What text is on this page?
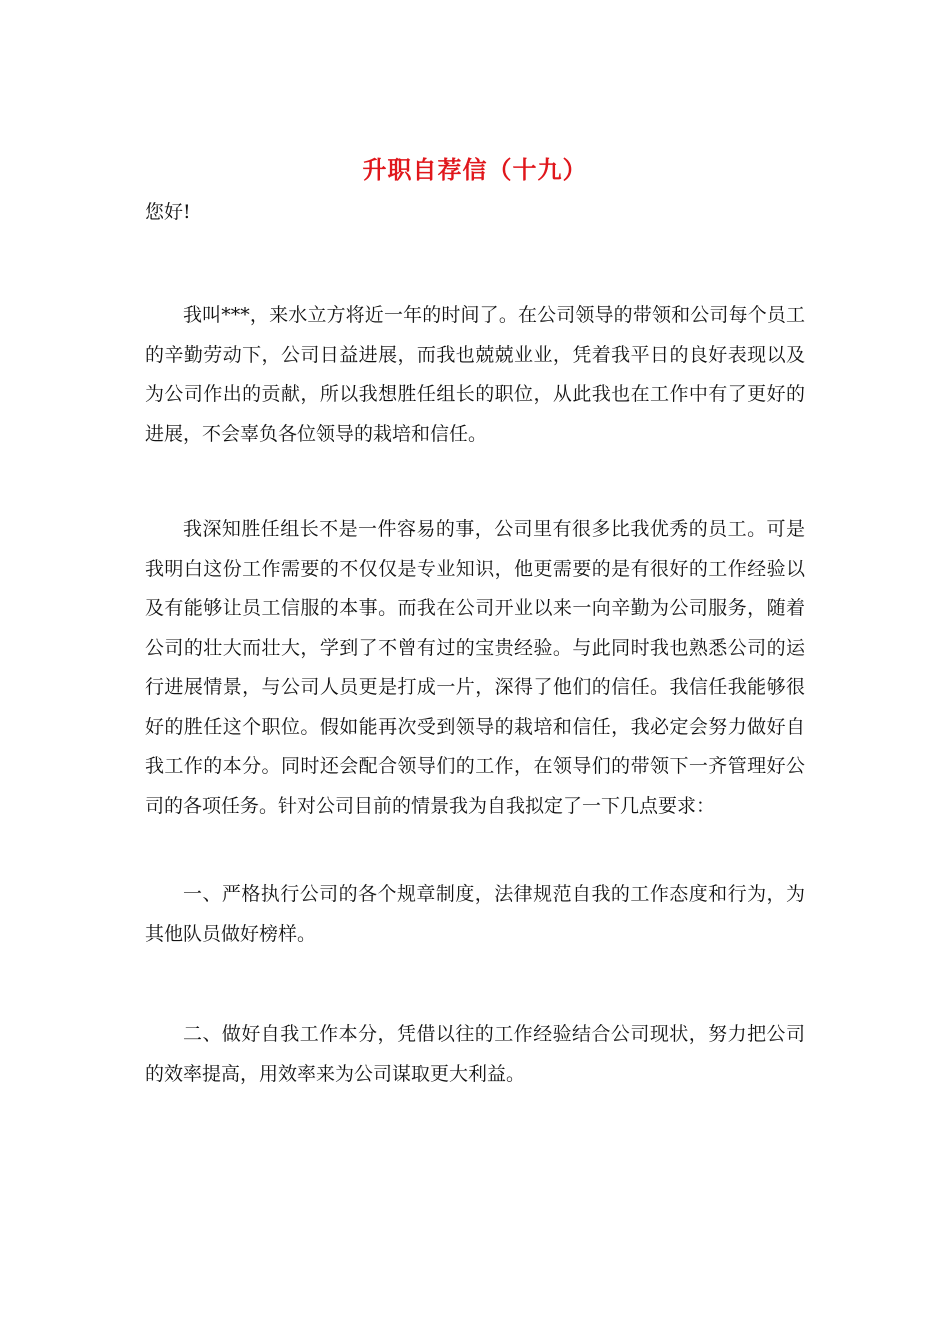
升职自荐信（十九）
您好!

我叫***，来水立方将近一年的时间了。在公司领导的带领和公司每个员工的辛勤劳动下，公司日益进展，而我也兢兢业业，凭着我平日的良好表现以及为公司作出的贡献，所以我想胜任组长的职位，从此我也在工作中有了更好的进展，不会辜负各位领导的栽培和信任。

我深知胜任组长不是一件容易的事，公司里有很多比我优秀的员工。可是我明白这份工作需要的不仅仅是专业知识，他更需要的是有很好的工作经验以及有能够让员工信服的本事。而我在公司开业以来一向辛勤为公司服务，随着公司的壮大而壮大，学到了不曾有过的宝贵经验。与此同时我也熟悉公司的运行进展情景，与公司人员更是打成一片，深得了他们的信任。我信任我能够很好的胜任这个职位。假如能再次受到领导的栽培和信任，我必定会努力做好自我工作的本分。同时还会配合领导们的工作，在领导们的带领下一齐管理好公司的各项任务。针对公司目前的情景我为自我拟定了一下几点要求：

一、严格执行公司的各个规章制度，法律规范自我的工作态度和行为，为其他队员做好榜样。

二、做好自我工作本分，凭借以往的工作经验结合公司现状，努力把公司的效率提高，用效率来为公司谋取更大利益。
